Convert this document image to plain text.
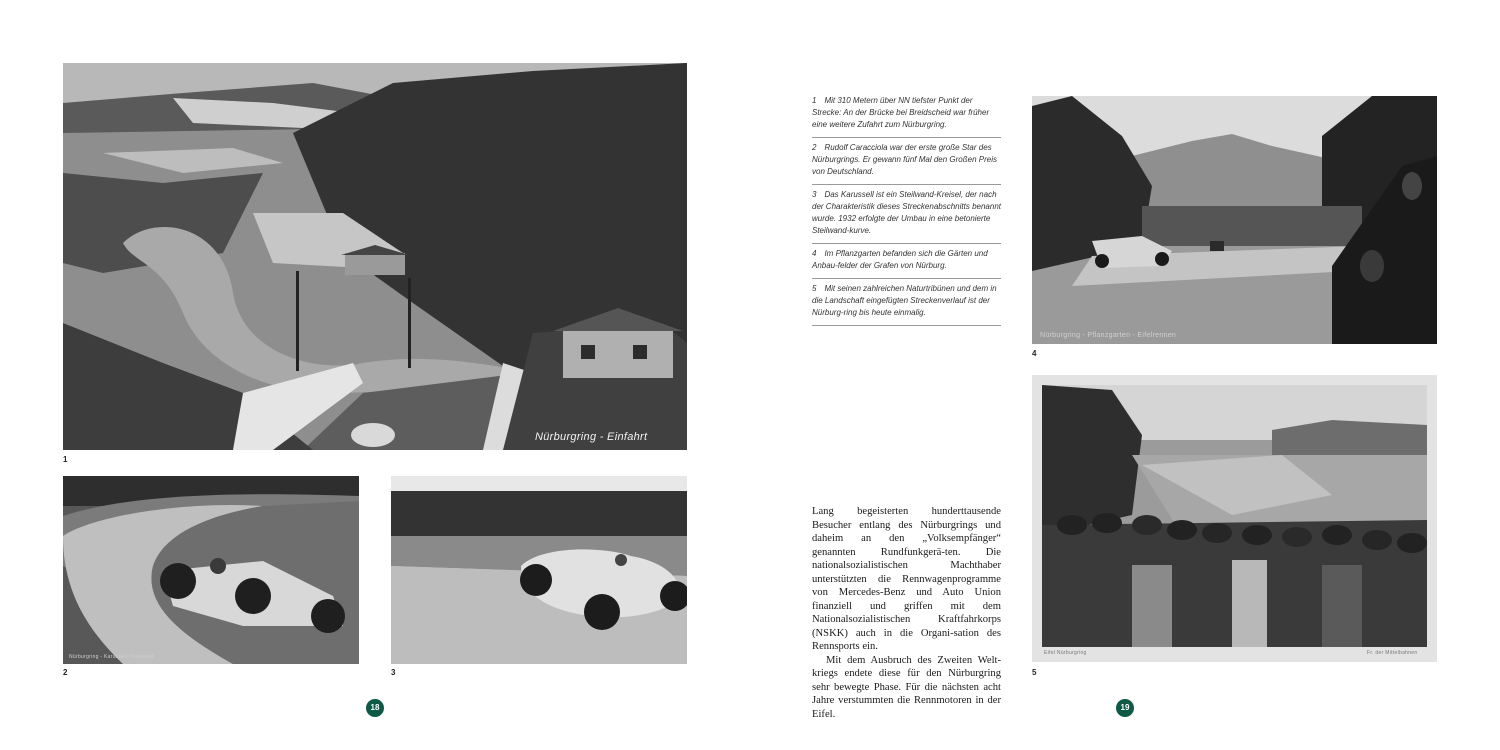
Nürburgring - Einfahrt
1
Nürburgring - Karussell-Steilwand
2	3
18
1 Mit 310 Metern über NN tiefster Punkt der Strecke: An der Brücke bei Breidscheid war früher eine weitere Zufahrt zum Nürburgring.
2 Rudolf Caracciola war der erste große Star des Nürburgrings. Er gewann fünf Mal den Großen Preis von Deutschland.
3 Das Karussell ist ein Steilwand-Kreisel, der nach der Charakteristik dieses Streckenabschnitts benannt wurde. 1932 erfolgte der Umbau in eine betonierte Steilwand-kurve.
4 Im Pflanzgarten befanden sich die Gärten und Anbau-felder der Grafen von Nürburg.
5 Mit seinen zahlreichen Naturtribünen und dem in die Landschaft eingefügten Streckenverlauf ist der Nürburg-ring bis heute einmalig.

Lang begeisterten hunderttausende Besucher entlang des Nürburgrings und daheim an den „Volksempfänger“ genannten Rundfunkgerä-ten. Die nationalsozialistischen Machthaber unterstützten die Rennwagenprogramme von Mercedes-Benz und Auto Union finanziell und griffen mit dem Nationalsozialistischen Kraftfahrkorps (NSKK) auch in die Organi-sation des Rennsports ein.

Mit dem Ausbruch des Zweiten Welt-kriegs endete diese für den Nürburgring sehr bewegte Phase. Für die nächsten acht Jahre verstummten die Rennmotoren in der Eifel.

Nürburgring - Pflanzgarten - Eifelrennen
4
Eifel Nürburgring	Fr. der Mittelbahnen
5
19
